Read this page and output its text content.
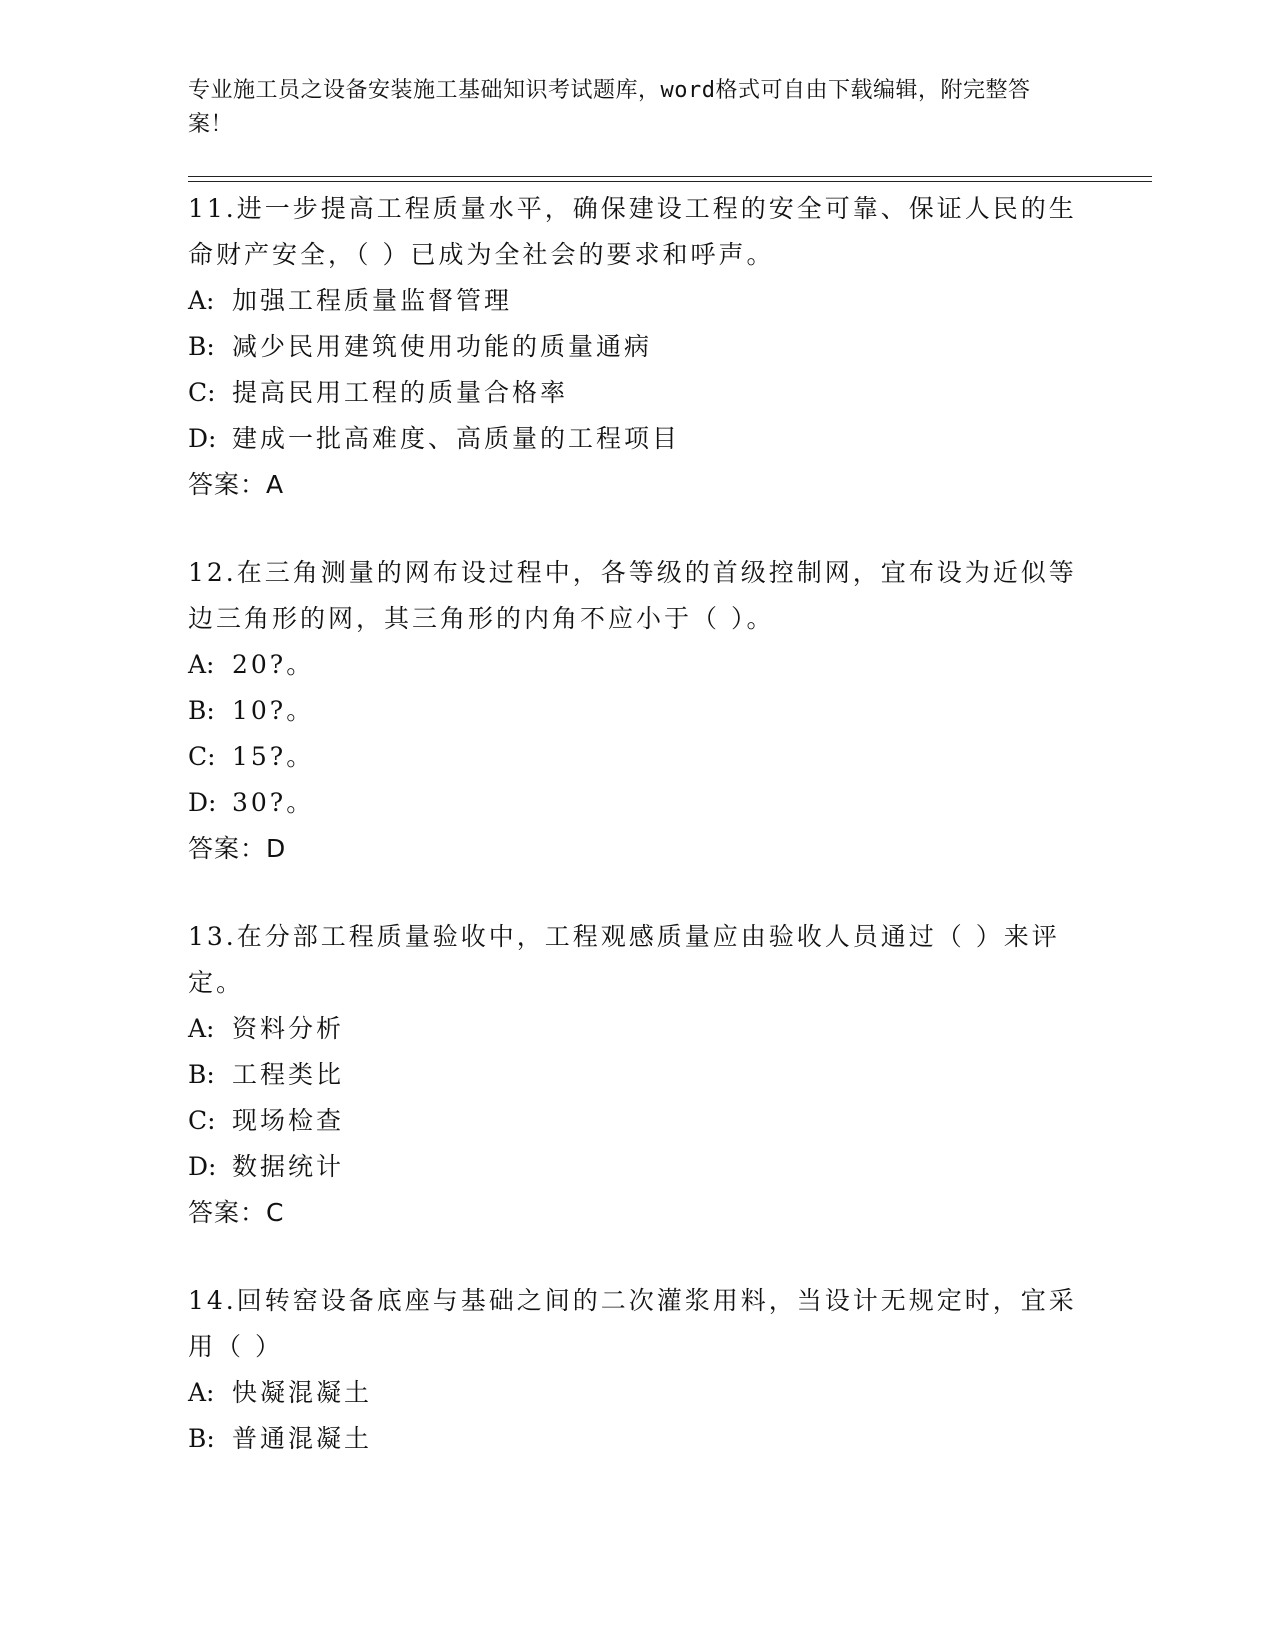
专业施工员之设备安装施工基础知识考试题库，word格式可自由下载编辑，附完整答案！

11.进一步提高工程质量水平，确保建设工程的安全可靠、保证人民的生命财产安全，（ ）已成为全社会的要求和呼声。

A: 加强工程质量监督管理
B: 减少民用建筑使用功能的质量通病
C: 提高民用工程的质量合格率
D: 建成一批高难度、高质量的工程项目
答案：A

12.在三角测量的网布设过程中，各等级的首级控制网，宜布设为近似等边三角形的网，其三角形的内角不应小于（ ）。

A: 20?。
B: 10?。
C: 15?。
D: 30?。
答案：D

13.在分部工程质量验收中，工程观感质量应由验收人员通过（ ）来评定。

A: 资料分析
B: 工程类比
C: 现场检查
D: 数据统计
答案：C

14.回转窑设备底座与基础之间的二次灌浆用料，当设计无规定时，宜采用（ ）

A: 快凝混凝土
B: 普通混凝土
